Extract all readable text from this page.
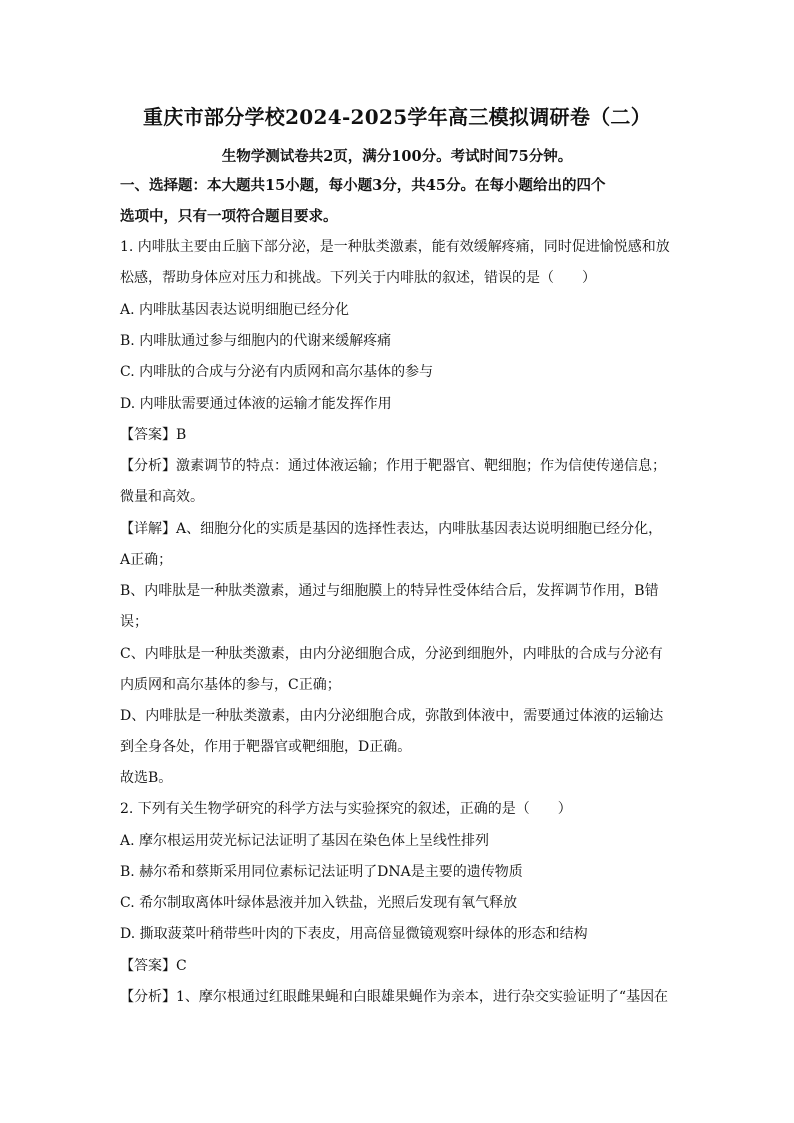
重庆市部分学校2024-2025学年高三模拟调研卷（二）
生物学测试卷共2页，满分100分。考试时间75分钟。
一、选择题：本大题共15小题，每小题3分，共45分。在每小题给出的四个
选项中，只有一项符合题目要求。
1. 内啡肽主要由丘脑下部分泌，是一种肽类激素，能有效缓解疼痛，同时促进愉悦感和放
松感，帮助身体应对压力和挑战。下列关于内啡肽的叙述，错误的是（　　）
A. 内啡肽基因表达说明细胞已经分化
B. 内啡肽通过参与细胞内的代谢来缓解疼痛
C. 内啡肽的合成与分泌有内质网和高尔基体的参与
D. 内啡肽需要通过体液的运输才能发挥作用
【答案】B
【分析】激素调节的特点：通过体液运输；作用于靶器官、靶细胞；作为信使传递信息；
微量和高效。
【详解】A、细胞分化的实质是基因的选择性表达，内啡肽基因表达说明细胞已经分化，
A正确；
B、内啡肽是一种肽类激素，通过与细胞膜上的特异性受体结合后，发挥调节作用，B错
误；
C、内啡肽是一种肽类激素，由内分泌细胞合成，分泌到细胞外，内啡肽的合成与分泌有
内质网和高尔基体的参与，C正确；
D、内啡肽是一种肽类激素，由内分泌细胞合成，弥散到体液中，需要通过体液的运输达
到全身各处，作用于靶器官或靶细胞，D正确。
故选B。
2. 下列有关生物学研究的科学方法与实验探究的叙述，正确的是（　　）
A. 摩尔根运用荧光标记法证明了基因在染色体上呈线性排列
B. 赫尔希和蔡斯采用同位素标记法证明了DNA是主要的遗传物质
C. 希尔制取离体叶绿体悬液并加入铁盐，光照后发现有氧气释放
D. 撕取菠菜叶稍带些叶肉的下表皮，用高倍显微镜观察叶绿体的形态和结构
【答案】C
【分析】1、摩尔根通过红眼雌果蝇和白眼雄果蝇作为亲本，进行杂交实验证明了“基因在
